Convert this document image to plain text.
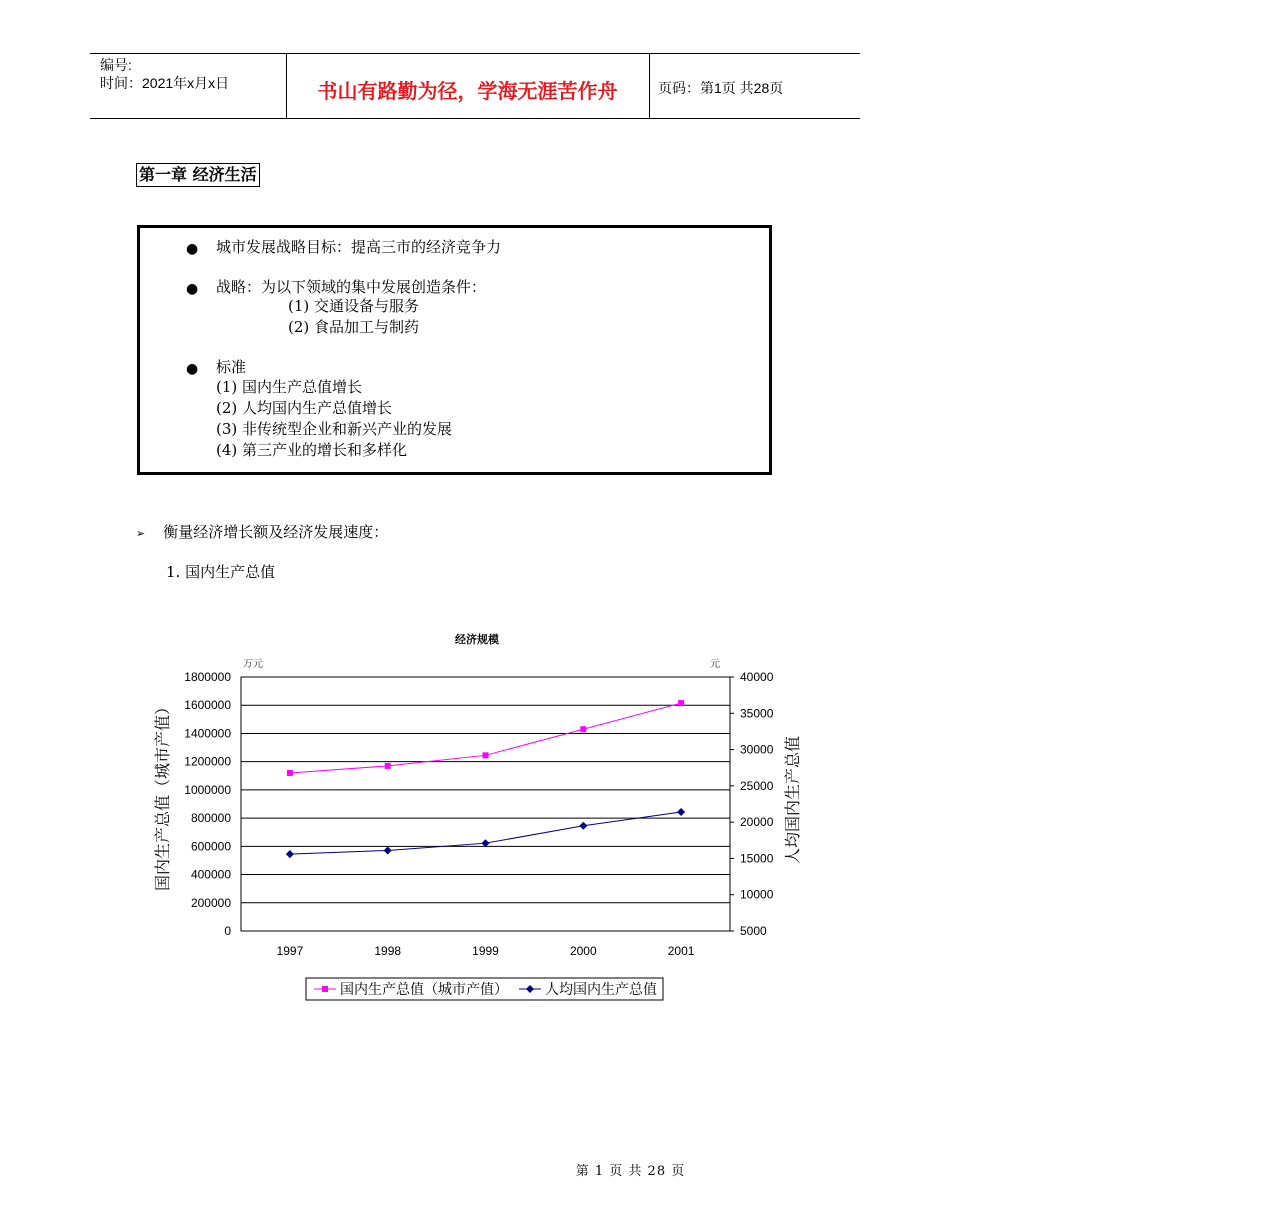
编号:
时间：2021年x月x日	书山有路勤为径，学海无涯苦作舟	页码：第1页 共28页
第一章 经济生活
● 城市发展战略目标：提高三市的经济竞争力
● 战略：为以下领域的集中发展创造条件：
(1) 交通设备与服务
(2) 食品加工与制药
● 标准
(1) 国内生产总值增长
(2) 人均国内生产总值增长
(3) 非传统型企业和新兴产业的发展
(4) 第三产业的增长和多样化
➢ 衡量经济增长额及经济发展速度：
1. 国内生产总值
经济规模
万元	元
0
200000
400000
600000
800000
1000000
1200000
1400000
1600000
1800000
5000
10000
15000
20000
25000
30000
35000
40000
1997	1998	1999	2000	2001
国内生产总值（城市产值）	人均国内生产总值
国内生产总值（城市产值）	人均国内生产总值
第 1 页 共 28 页
